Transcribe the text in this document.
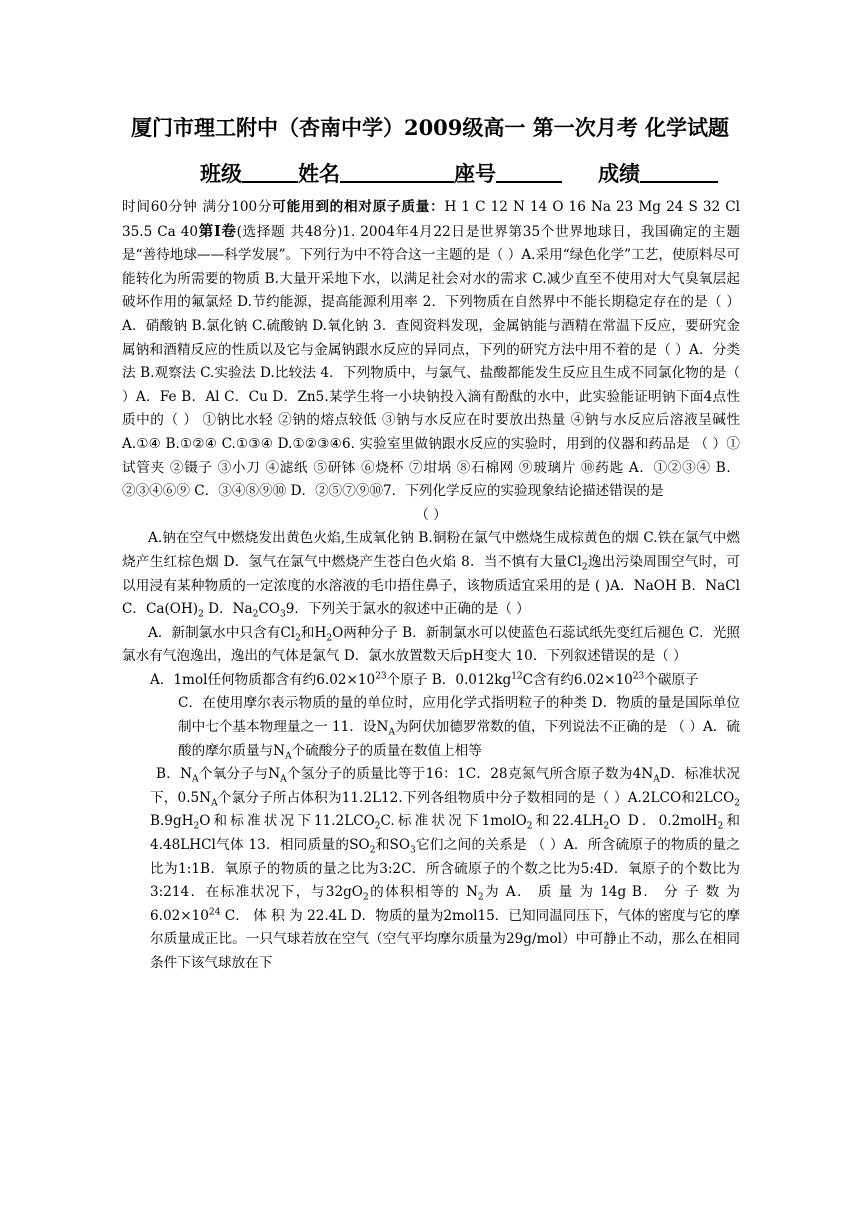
厦门市理工附中（杏南中学）2009级高一 第一次月考 化学试题
班级	姓名	座号	成绩

时间60分钟 满分100分可能用到的相对原子质量：H 1 C 12 N 14 O 16 Na 23 Mg 24 S 32 Cl 35.5 Ca 40第Ⅰ卷(选择题 共48分)1. 2004年4月22日是世界第35个世界地球日，我国确定的主题是“善待地球——科学发展”。下列行为中不符合这一主题的是（ ）A.采用“绿色化学”工艺，使原料尽可能转化为所需要的物质 B.大量开采地下水，以满足社会对水的需求 C.减少直至不使用对大气臭氧层起破坏作用的氟氯烃 D.节约能源，提高能源利用率 2．下列物质在自然界中不能长期稳定存在的是（ ） A．硝酸钠 B.氯化钠 C.硫酸钠 D.氧化钠 3．查阅资料发现，金属钠能与酒精在常温下反应，要研究金属钠和酒精反应的性质以及它与金属钠跟水反应的异同点，下列的研究方法中用不着的是（ ）A．分类法 B.观察法 C.实验法 D.比较法 4．下列物质中，与氯气、盐酸都能发生反应且生成不同氯化物的是（ ）A．Fe B．Al C．Cu D．Zn5.某学生将一小块钠投入滴有酚酞的水中，此实验能证明钠下面4点性质中的（ ） ①钠比水轻 ②钠的熔点较低 ③钠与水反应在时要放出热量 ④钠与水反应后溶液呈碱性 A.①④ B.①②④ C.①③④ D.①②③④6. 实验室里做钠跟水反应的实验时，用到的仪器和药品是 （ ）①试管夹 ②镊子 ③小刀 ④滤纸 ⑤研钵 ⑥烧杯 ⑦坩埚 ⑧石棉网 ⑨玻璃片 ⑩药匙 A．①②③④ B．②③④⑥⑨ C．③④⑧⑨⑩ D．②⑤⑦⑨⑩7．下列化学反应的实验现象结论描述错误的是

（ ）

A.钠在空气中燃烧发出黄色火焰,生成氧化钠 B.铜粉在氯气中燃烧生成棕黄色的烟 C.铁在氯气中燃烧产生红棕色烟 D．氢气在氯气中燃烧产生苍白色火焰 8．当不慎有大量$Cl_2$逸出污染周围空气时，可以用浸有某种物质的一定浓度的水溶液的毛巾捂住鼻子，该物质适宜采用的是 ( )A．NaOH B．NaCl C．$Ca(OH)_2$ D．$Na_2CO_39$．下列关于氯水的叙述中正确的是（ ）

A．新制氯水中只含有$Cl_2$和$H_2O$两种分子 B．新制氯水可以使蓝色石蕊试纸先变红后褪色 C．光照氯水有气泡逸出，逸出的气体是氯气 D．氯水放置数天后pH变大 10．下列叙述错误的是（ ）

A．1mol任何物质都含有约$6.02\times 10^{23}$个原子 B．$0.012kg^{12}C$含有约$6.02\times 10^{23}$个碳原子

C．在使用摩尔表示物质的量的单位时，应用化学式指明粒子的种类 D．物质的量是国际单位制中七个基本物理量之一 11．设$N_A$为阿伏加德罗常数的值，下列说法不正确的是 （ ）A．硫酸的摩尔质量与$N_A$个硫酸分子的质量在数值上相等

B．$N_A$个氧分子与$N_A$个氢分子的质量比等于16：1C．28克氮气所含原子数为$4N_AD$．标准状况下，$0.5N_A$个氯分子所占体积为11.2L12.下列各组物质中分子数相同的是（ ）A.2LCO和$2LCO_2$ $B.9gH_2O$和标准状况下$11.2LCO_2C$.标准状况下1molO$_2$和$22.4LH_2O$ D．0.2molH$_2$和4.48LHCl气体 13．相同质量的$SO_2$和$SO_3$它们之间的关系是 （ ）A．所含硫原子的物质的量之比为1:1B．氧原子的物质的量之比为3:2C．所含硫原子的个数之比为5:4D．氧原子的个数比为3:214．在标准状况下，与$32gO_2$的体积相等的 $N_2$为 A． 质 量 为 14g B． 分 子 数 为 $6.02\times 10^{24}$ C． 体 积 为 22.4L D．物质的量为2mol15．已知同温同压下，气体的密度与它的摩尔质量成正比。一只气球若放在空气（空气平均摩尔质量为29g/mol）中可静止不动，那么在相同条件下该气球放在下
